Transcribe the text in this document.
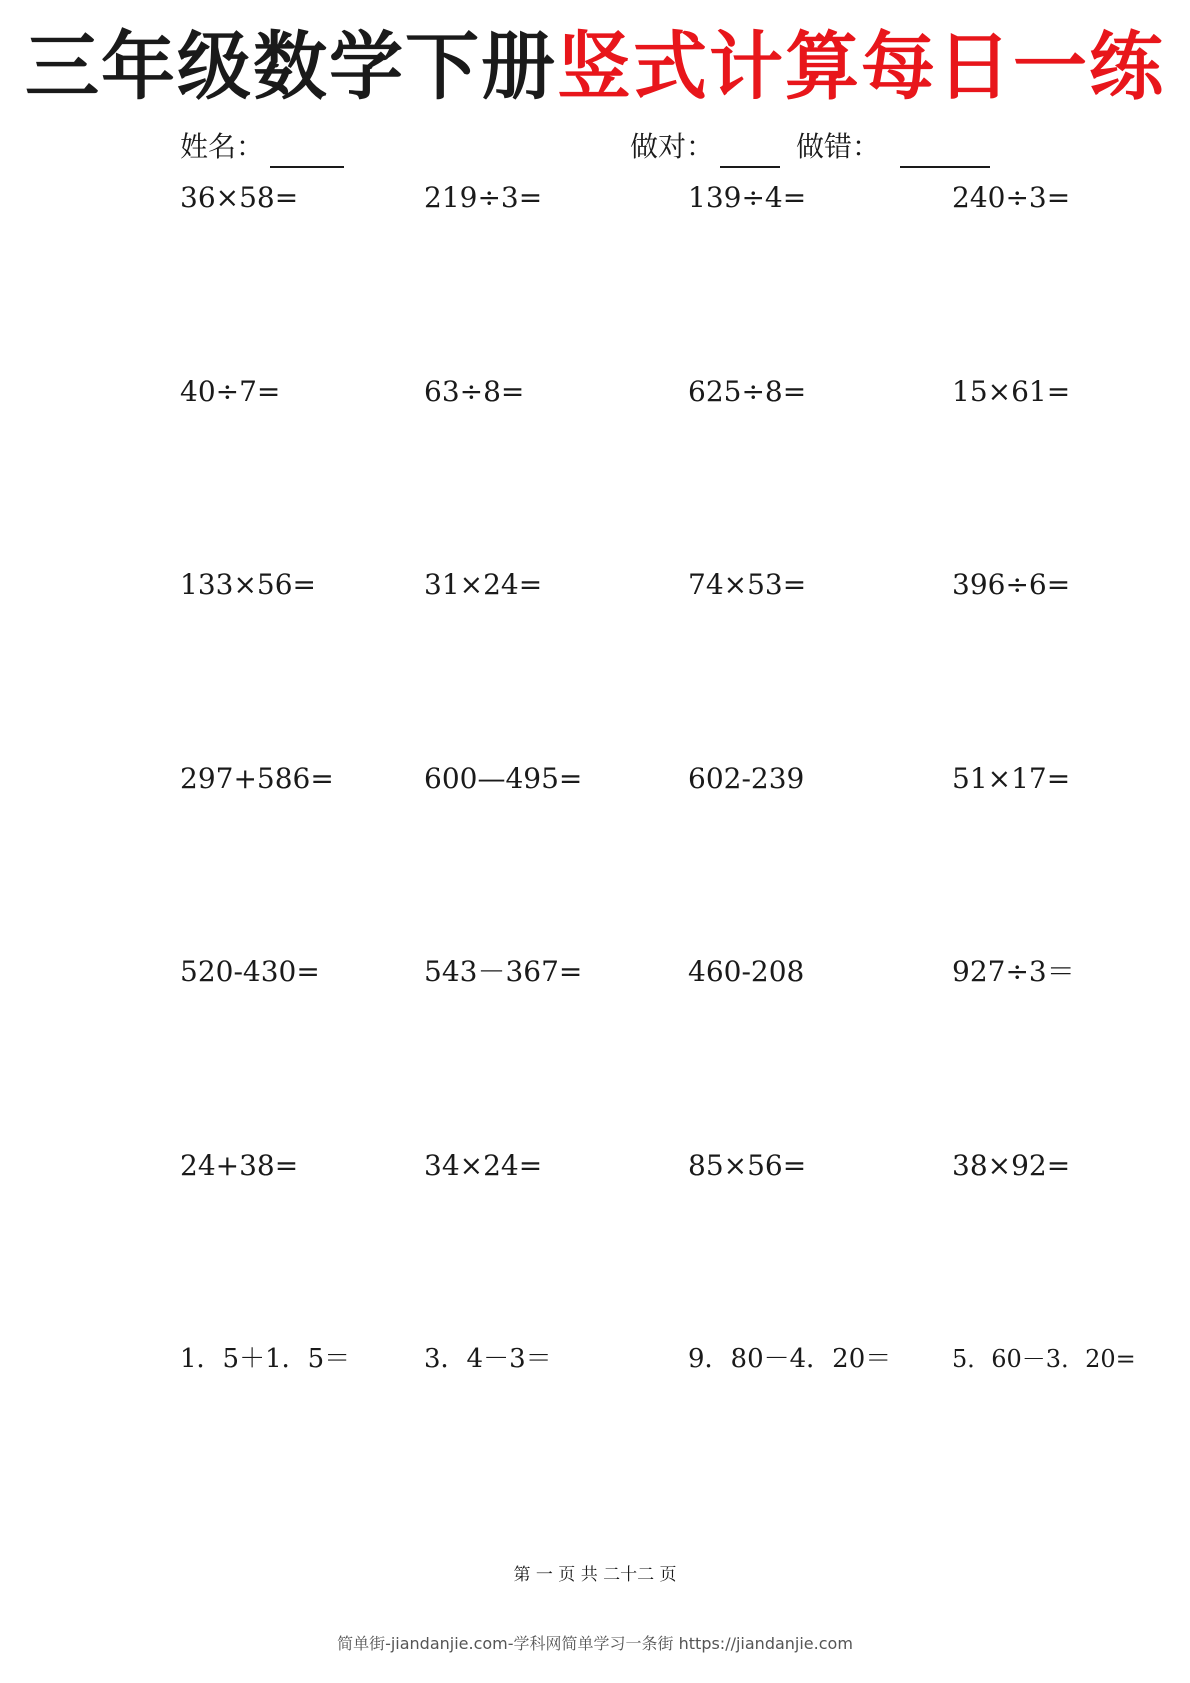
三年级数学下册竖式计算每日一练
姓名：	做对：	做错：
36×58=	219÷3=	139÷4=	240÷3=
40÷7=	63÷8=	625÷8=	15×61=
133×56=	31×24=	74×53=	396÷6=
297+586=	600—495=	602-239	51×17=
520-430=	543－367=	460-208	927÷3＝
24+38=	34×24=	85×56=	38×92=
1．5＋1．5＝	3．4－3＝	9．80－4．20＝	5．60－3．20=
第 一 页 共 二十二 页
简单街-jiandanjie.com-学科网简单学习一条街 https://jiandanjie.com
